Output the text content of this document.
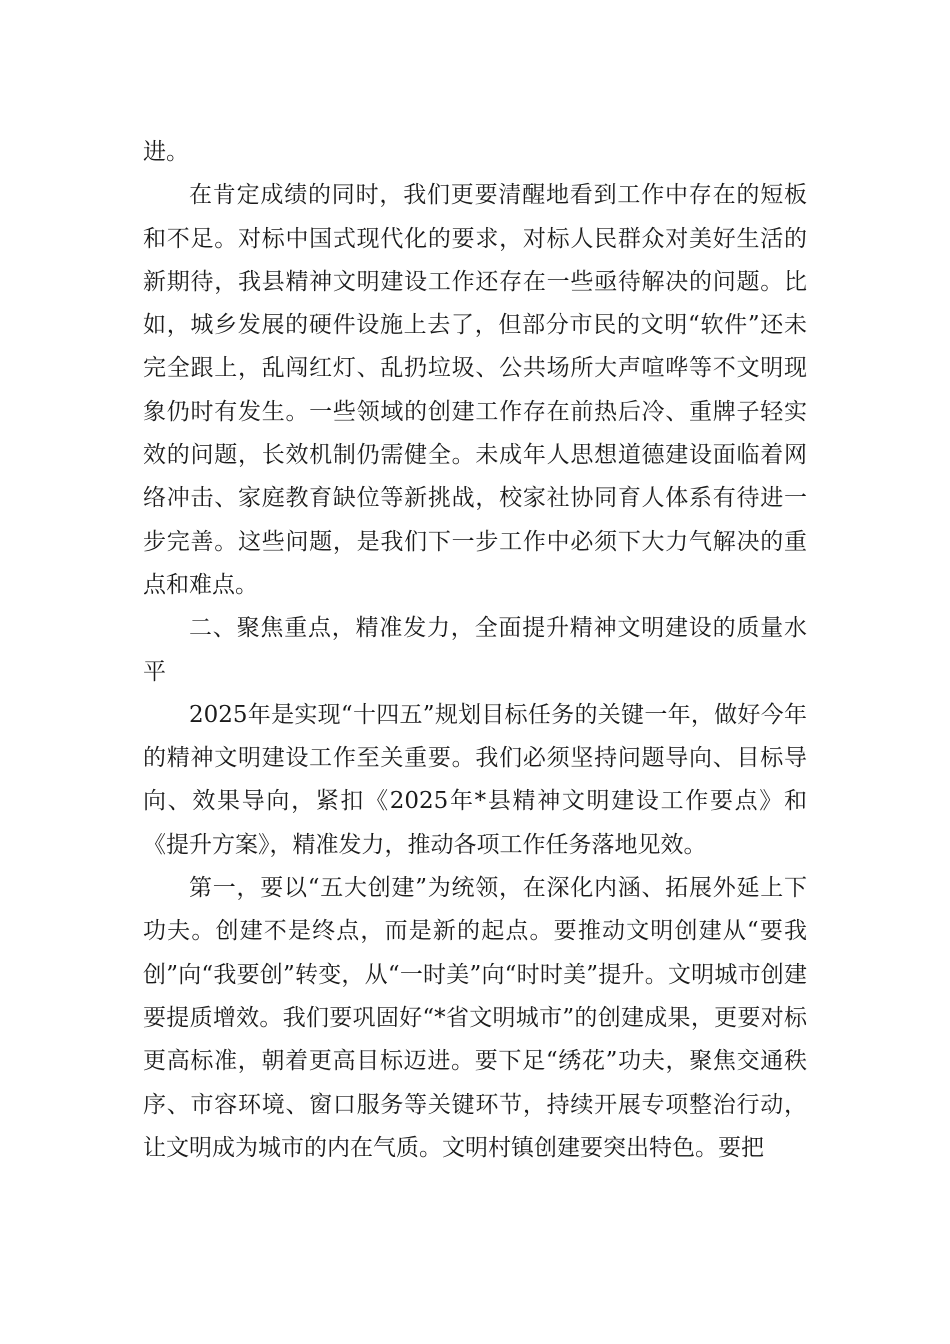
进。

在肯定成绩的同时，我们更要清醒地看到工作中存在的短板和不足。对标中国式现代化的要求，对标人民群众对美好生活的新期待，我县精神文明建设工作还存在一些亟待解决的问题。比如，城乡发展的硬件设施上去了，但部分市民的文明“软件”还未完全跟上，乱闯红灯、乱扔垃圾、公共场所大声喧哗等不文明现象仍时有发生。一些领域的创建工作存在前热后冷、重牌子轻实效的问题，长效机制仍需健全。未成年人思想道德建设面临着网络冲击、家庭教育缺位等新挑战，校家社协同育人体系有待进一步完善。这些问题，是我们下一步工作中必须下大力气解决的重点和难点。

二、聚焦重点，精准发力，全面提升精神文明建设的质量水平

2025年是实现“十四五”规划目标任务的关键一年，做好今年的精神文明建设工作至关重要。我们必须坚持问题导向、目标导向、效果导向，紧扣《2025年*县精神文明建设工作要点》和《提升方案》，精准发力，推动各项工作任务落地见效。

第一，要以“五大创建”为统领，在深化内涵、拓展外延上下功夫。创建不是终点，而是新的起点。要推动文明创建从“要我创”向“我要创”转变，从“一时美”向“时时美”提升。文明城市创建要提质增效。我们要巩固好“*省文明城市”的创建成果，更要对标更高标准，朝着更高目标迈进。要下足“绣花”功夫，聚焦交通秩序、市容环境、窗口服务等关键环节，持续开展专项整治行动，让文明成为城市的内在气质。文明村镇创建要突出特色。要把
